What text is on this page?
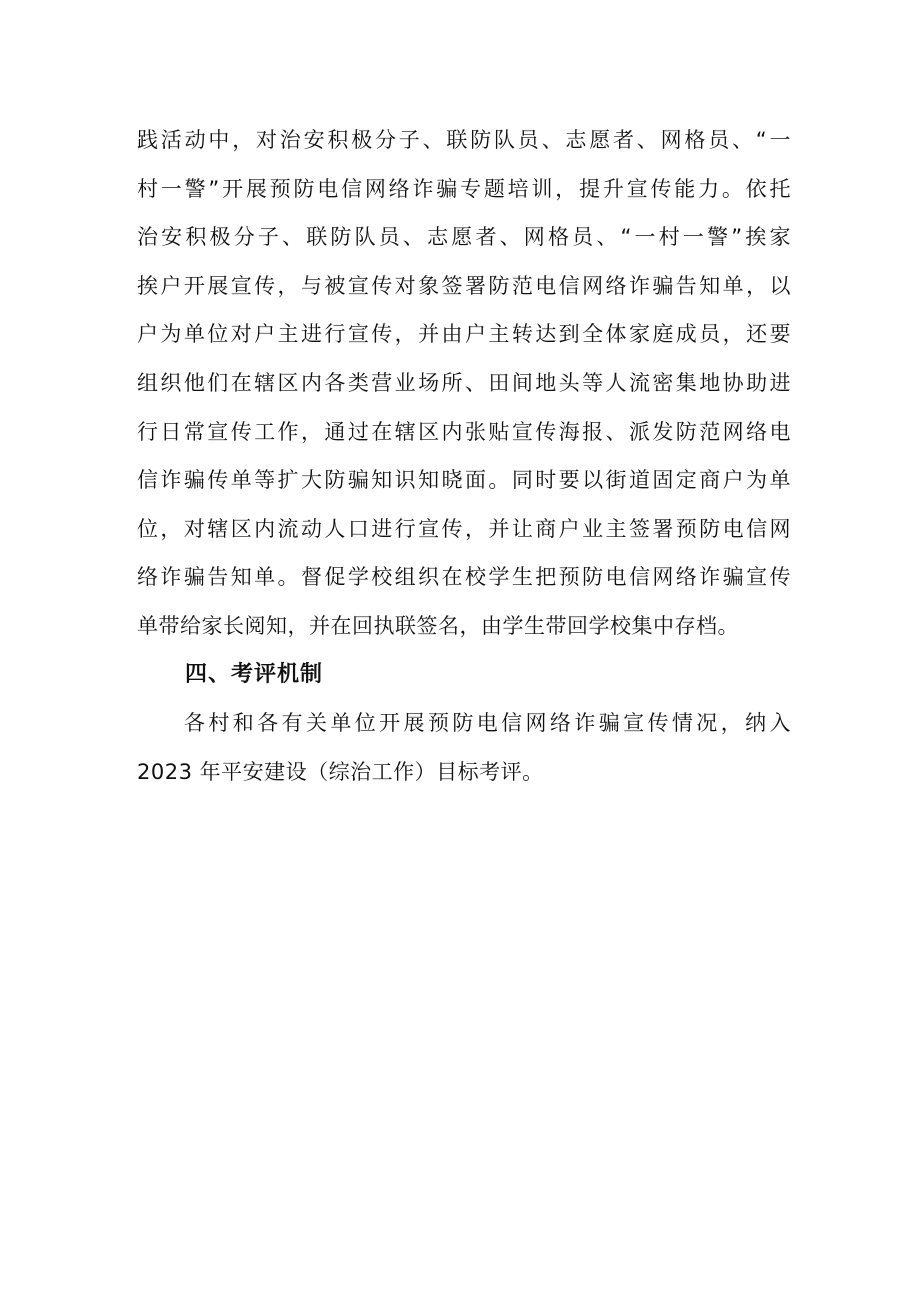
践活动中，对治安积极分子、联防队员、志愿者、网格员、“一
村一警”开展预防电信网络诈骗专题培训，提升宣传能力。依托
治安积极分子、联防队员、志愿者、网格员、“一村一警”挨家
挨户开展宣传，与被宣传对象签署防范电信网络诈骗告知单，以
户为单位对户主进行宣传，并由户主转达到全体家庭成员，还要
组织他们在辖区内各类营业场所、田间地头等人流密集地协助进
行日常宣传工作，通过在辖区内张贴宣传海报、派发防范网络电
信诈骗传单等扩大防骗知识知晓面。同时要以街道固定商户为单
位，对辖区内流动人口进行宣传，并让商户业主签署预防电信网
络诈骗告知单。督促学校组织在校学生把预防电信网络诈骗宣传
单带给家长阅知，并在回执联签名，由学生带回学校集中存档。
四、考评机制
各村和各有关单位开展预防电信网络诈骗宣传情况，纳入
2023 年平安建设（综治工作）目标考评。
